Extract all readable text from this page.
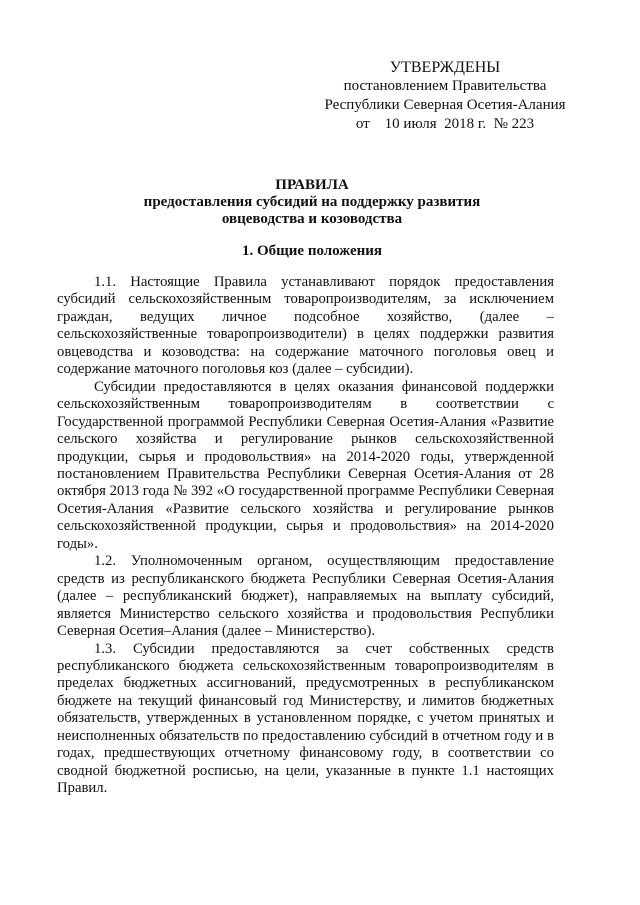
УТВЕРЖДЕНЫ
постановлением Правительства
Республики Северная Осетия-Алания
от    10 июля  2018 г.  № 223
ПРАВИЛА
предоставления субсидий на поддержку развития
овцеводства и козоводства
1. Общие положения

1.1. Настоящие Правила устанавливают порядок предоставления субсидий сельскохозяйственным товаропроизводителям, за исключением граждан, ведущих личное подсобное хозяйство, (далее – сельскохозяйственные товаропроизводители) в целях поддержки развития овцеводства и козоводства: на содержание маточного поголовья овец и содержание маточного поголовья коз (далее – субсидии).

Субсидии предоставляются в целях оказания финансовой поддержки сельскохозяйственным товаропроизводителям в соответствии с Государственной программой Республики Северная Осетия-Алания «Развитие сельского хозяйства и регулирование рынков сельскохозяйственной продукции, сырья и продовольствия» на 2014-2020 годы, утвержденной постановлением Правительства Республики Северная Осетия-Алания от 28 октября 2013 года № 392 «О государственной программе Республики Северная Осетия-Алания «Развитие сельского хозяйства и регулирование рынков сельскохозяйственной продукции, сырья и продовольствия» на 2014-2020 годы».

1.2. Уполномоченным органом, осуществляющим предоставление средств из республиканского бюджета Республики Северная Осетия-Алания (далее – республиканский бюджет), направляемых на выплату субсидий, является Министерство сельского хозяйства и продовольствия Республики Северная Осетия–Алания (далее – Министерство).

1.3. Субсидии предоставляются за счет собственных средств республиканского бюджета сельскохозяйственным товаропроизводителям в пределах бюджетных ассигнований, предусмотренных в республиканском бюджете на текущий финансовый год Министерству, и лимитов бюджетных обязательств, утвержденных в установленном порядке, с учетом принятых и неисполненных обязательств по предоставлению субсидий в отчетном году и в годах, предшествующих отчетному финансовому году, в соответствии со сводной бюджетной росписью, на цели, указанные в пункте 1.1 настоящих Правил.
